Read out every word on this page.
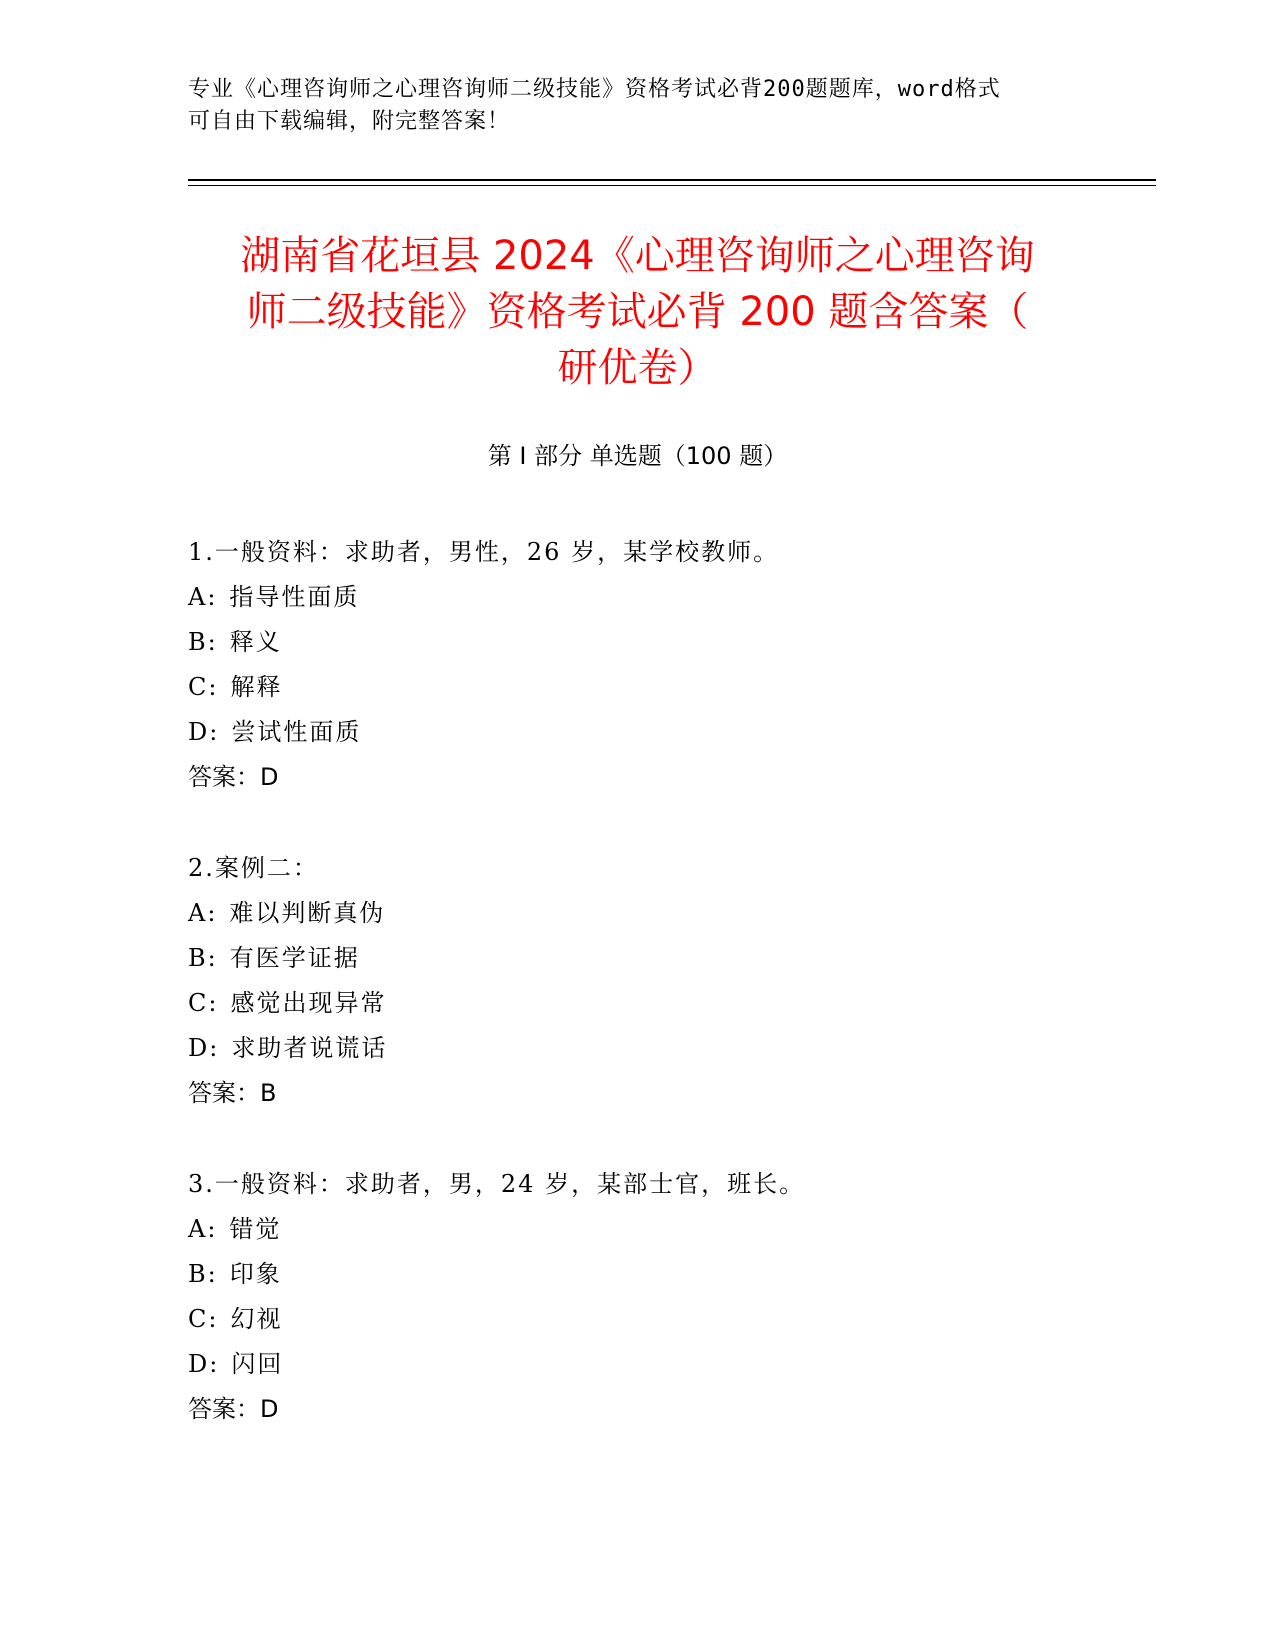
专业《心理咨询师之心理咨询师二级技能》资格考试必背200题题库，word格式
可自由下载编辑，附完整答案！
湖南省花垣县 2024《心理咨询师之心理咨询
师二级技能》资格考试必背 200 题含答案（
研优卷）
第 I 部分 单选题（100 题）
1.一般资料：求助者，男性，26 岁，某学校教师。
A: 指导性面质
B: 释义
C: 解释
D: 尝试性面质
答案：D
2.案例二：
A: 难以判断真伪
B: 有医学证据
C: 感觉出现异常
D: 求助者说谎话
答案：B
3.一般资料：求助者，男，24 岁，某部士官，班长。
A: 错觉
B: 印象
C: 幻视
D: 闪回
答案：D
